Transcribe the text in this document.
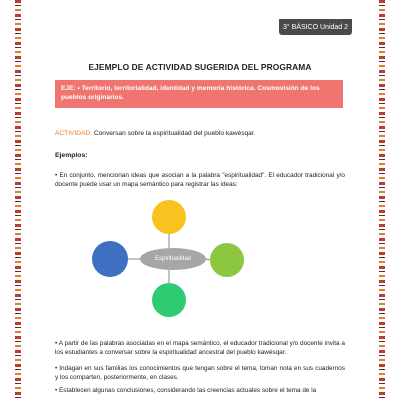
3° BÁSICO Unidad 2
EJEMPLO DE ACTIVIDAD SUGERIDA DEL PROGRAMA
EJE: • Territorio, territorialidad, identidad y memoria histórica. Cosmovisión de los pueblos originarios.
ACTIVIDAD: Conversan sobre la espiritualidad del pueblo kawésqar.
Ejemplos:
• En conjunto, mencionan ideas que asocian a la palabra "espiritualidad". El educador tradicional y/o docente puede usar un mapa semántico para registrar las ideas:
Espiritualidad
• A partir de las palabras asociadas en el mapa semántico, el educador tradicional y/o docente invita a los estudiantes a conversar sobre la espiritualidad ancestral del pueblo kawésqar.
• Indagan en sus familias los conocimientos que tengan sobre el tema, toman nota en sus cuadernos y los comparten, posteriormente, en clases.
• Establecen algunas conclusiones, considerando las creencias actuales sobre el tema de la
